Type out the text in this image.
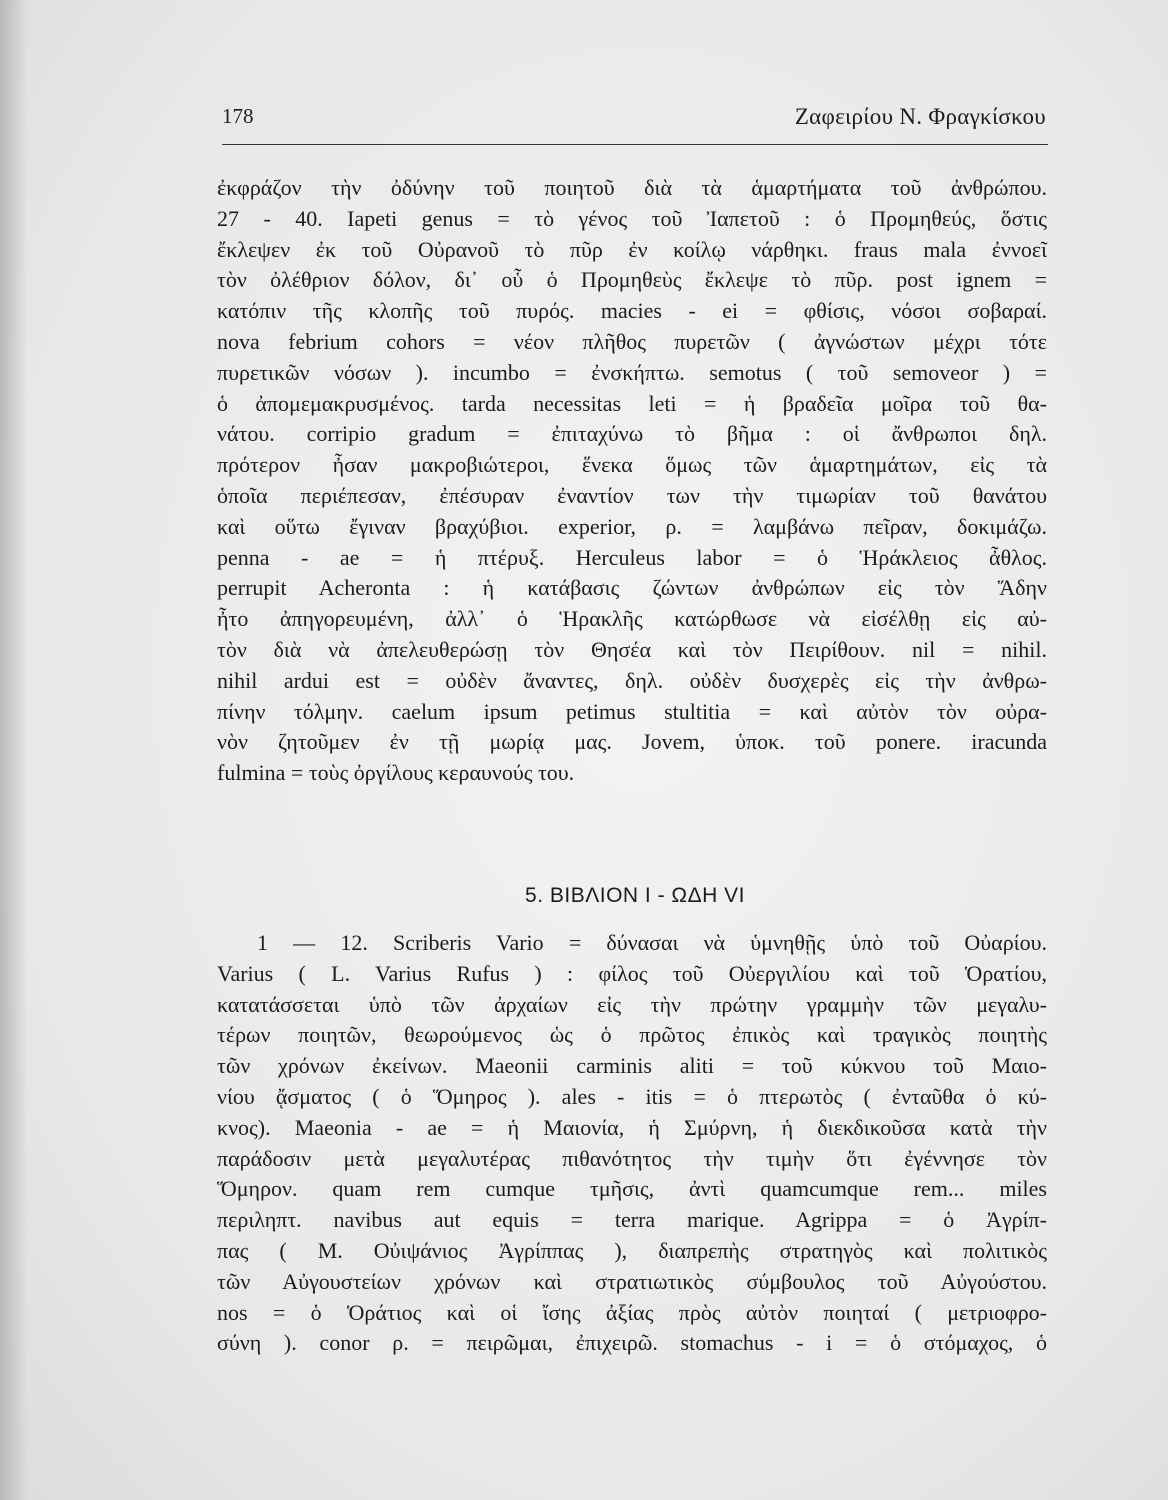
178	Ζαφειρίου Ν. Φραγκίσκου

ἐκφράζον τὴν ὀδύνην τοῦ ποιητοῦ διὰ τὰ ἁμαρτήματα τοῦ ἀνθρώπου.

27 - 40. Iapeti genus = τὸ γένος τοῦ Ἰαπετοῦ : ὁ Προμηθεύς, ὅστις

ἔκλεψεν ἐκ τοῦ Οὐρανοῦ τὸ πῦρ ἐν κοίλῳ νάρθηκι. fraus mala ἐννοεῖ

τὸν ὀλέθριον δόλον, δι᾽ οὗ ὁ Προμηθεὺς ἔκλεψε τὸ πῦρ. post ignem =

κατόπιν τῆς κλοπῆς τοῦ πυρός. macies - ei = φθίσις, νόσοι σοβαραί.

nova febrium cohors = νέον πλῆθος πυρετῶν ( ἀγνώστων μέχρι τότε

πυρετικῶν νόσων ). incumbo = ἐνσκήπτω. semotus ( τοῦ semoveor ) =

ὁ ἀπομεμακρυσμένος. tarda necessitas leti = ἡ βραδεῖα μοῖρα τοῦ θα-

νάτου. corripio gradum = ἐπιταχύνω τὸ βῆμα : οἱ ἄνθρωποι δηλ.

πρότερον ἦσαν μακροβιώτεροι, ἕνεκα ὅμως τῶν ἁμαρτημάτων, εἰς τὰ

ὁποῖα περιέπεσαν, ἐπέσυραν ἐναντίον των τὴν τιμωρίαν τοῦ θανάτου

καὶ οὕτω ἔγιναν βραχύβιοι. experior, ρ. = λαμβάνω πεῖραν, δοκιμάζω.

penna - ae = ἡ πτέρυξ. Herculeus labor = ὁ Ἡράκλειος ἆθλος.

perrupit Acheronta : ἡ κατάβασις ζώντων ἀνθρώπων εἰς τὸν Ἅδην

ἦτο ἀπηγορευμένη, ἀλλ᾽ ὁ Ἡρακλῆς κατώρθωσε νὰ εἰσέλθῃ εἰς αὐ-

τὸν διὰ νὰ ἀπελευθερώσῃ τὸν Θησέα καὶ τὸν Πειρίθουν. nil = nihil.

nihil ardui est = οὐδὲν ἄναντες, δηλ. οὐδὲν δυσχερὲς εἰς τὴν ἀνθρω-

πίνην τόλμην. caelum ipsum petimus stultitia = καὶ αὐτὸν τὸν οὐρα-

νὸν ζητοῦμεν ἐν τῇ μωρίᾳ μας. Jovem, ὑποκ. τοῦ ponere. iracunda

fulmina = τοὺς ὀργίλους κεραυνούς του.

5. ΒΙΒΛΙΟΝ Ι - ΩΔΗ VI

1 — 12. Scriberis Vario = δύνασαι νὰ ὑμνηθῇς ὑπὸ τοῦ Οὐαρίου.

Varius ( L. Varius Rufus ) : φίλος τοῦ Οὐεργιλίου καὶ τοῦ Ὁρατίου,

κατατάσσεται ὑπὸ τῶν ἀρχαίων εἰς τὴν πρώτην γραμμὴν τῶν μεγαλυ-

τέρων ποιητῶν, θεωρούμενος ὡς ὁ πρῶτος ἐπικὸς καὶ τραγικὸς ποιητὴς

τῶν χρόνων ἐκείνων. Maeonii carminis aliti = τοῦ κύκνου τοῦ Μαιο-

νίου ᾄσματος ( ὁ Ὅμηρος ). ales - itis = ὁ πτερωτὸς ( ἐνταῦθα ὁ κύ-

κνος). Maeonia - ae = ἡ Μαιονία, ἡ Σμύρνη, ἡ διεκδικοῦσα κατὰ τὴν

παράδοσιν μετὰ μεγαλυτέρας πιθανότητος τὴν τιμὴν ὅτι ἐγέννησε τὸν

Ὅμηρον. quam rem cumque τμῆσις, ἀντὶ quamcumque rem... miles

περιληπτ. navibus aut equis = terra marique. Agrippa = ὁ Ἀγρίπ-

πας ( M. Οὐιψάνιος Ἀγρίππας ), διαπρεπὴς στρατηγὸς καὶ πολιτικὸς

τῶν Αὐγουστείων χρόνων καὶ στρατιωτικὸς σύμβουλος τοῦ Αὐγούστου.

nos = ὁ Ὁράτιος καὶ οἱ ἴσης ἀξίας πρὸς αὐτὸν ποιηταί ( μετριοφρο-

σύνη ). conor ρ. = πειρῶμαι, ἐπιχειρῶ. stomachus - i = ὁ στόμαχος, ὁ
